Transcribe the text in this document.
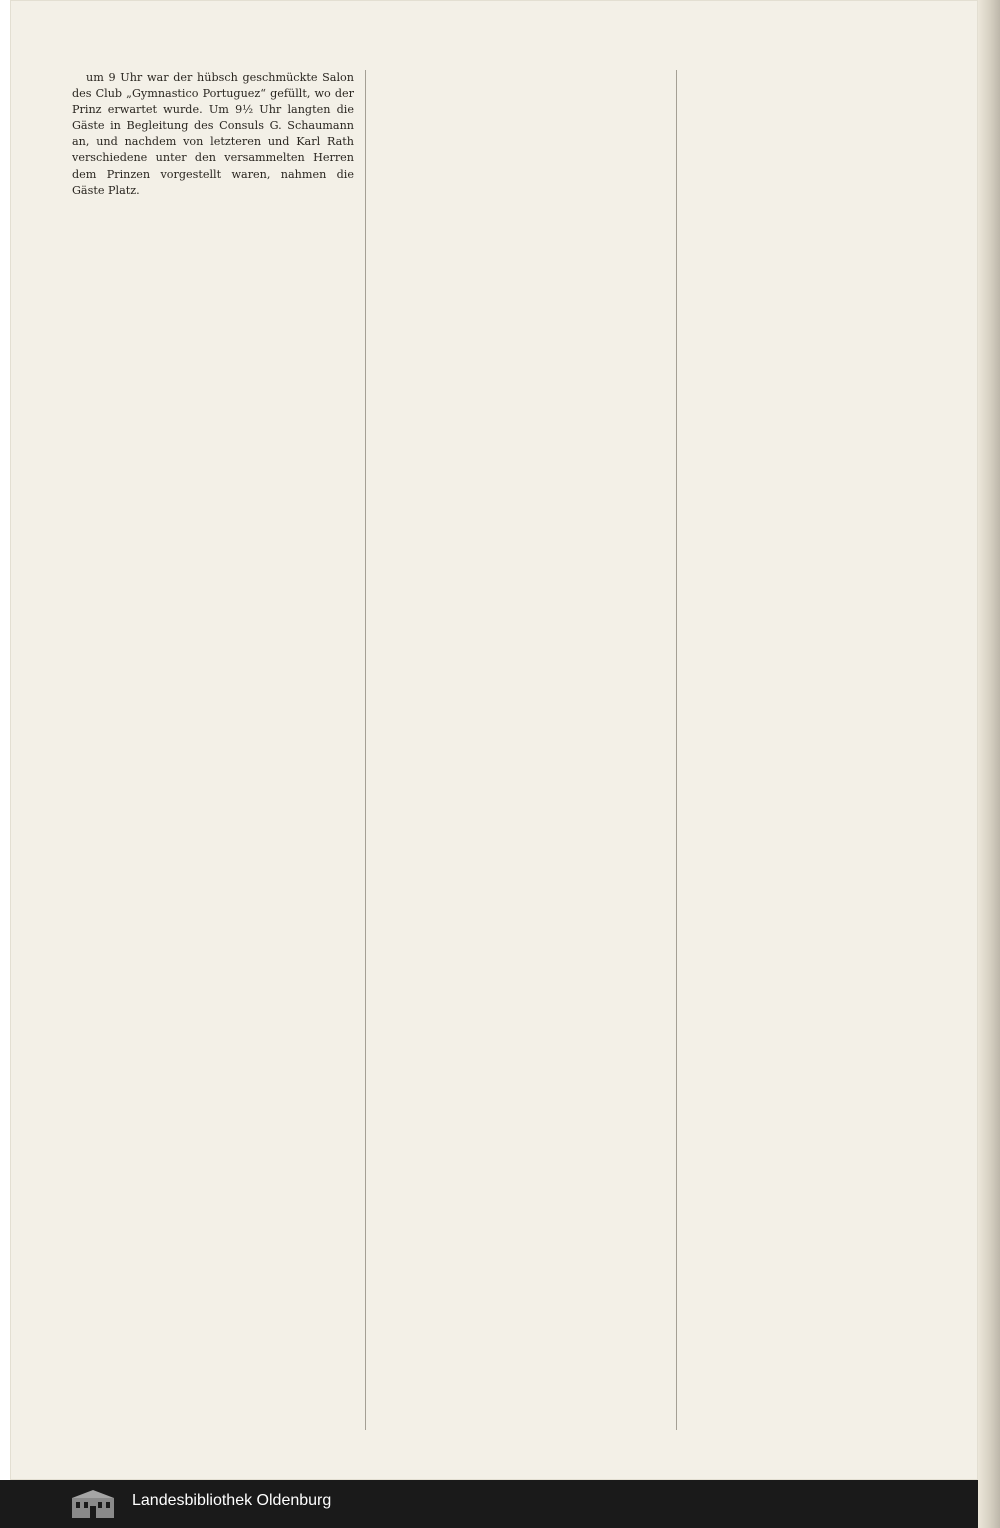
um 9 Uhr war der hübsch geschmückte Salon des Club „Gymnastico Portuguez“ gefüllt, wo der Prinz erwartet wurde. Um 9½ Uhr langten die Gäste in Begleitung des Consuls G. Schaumann an, und nachdem von letzteren und Karl Rath verschiedene unter den versammelten Herren dem Prinzen vorgestellt waren, nahmen die Gäste Platz.

Landesbibliothek Oldenburg
